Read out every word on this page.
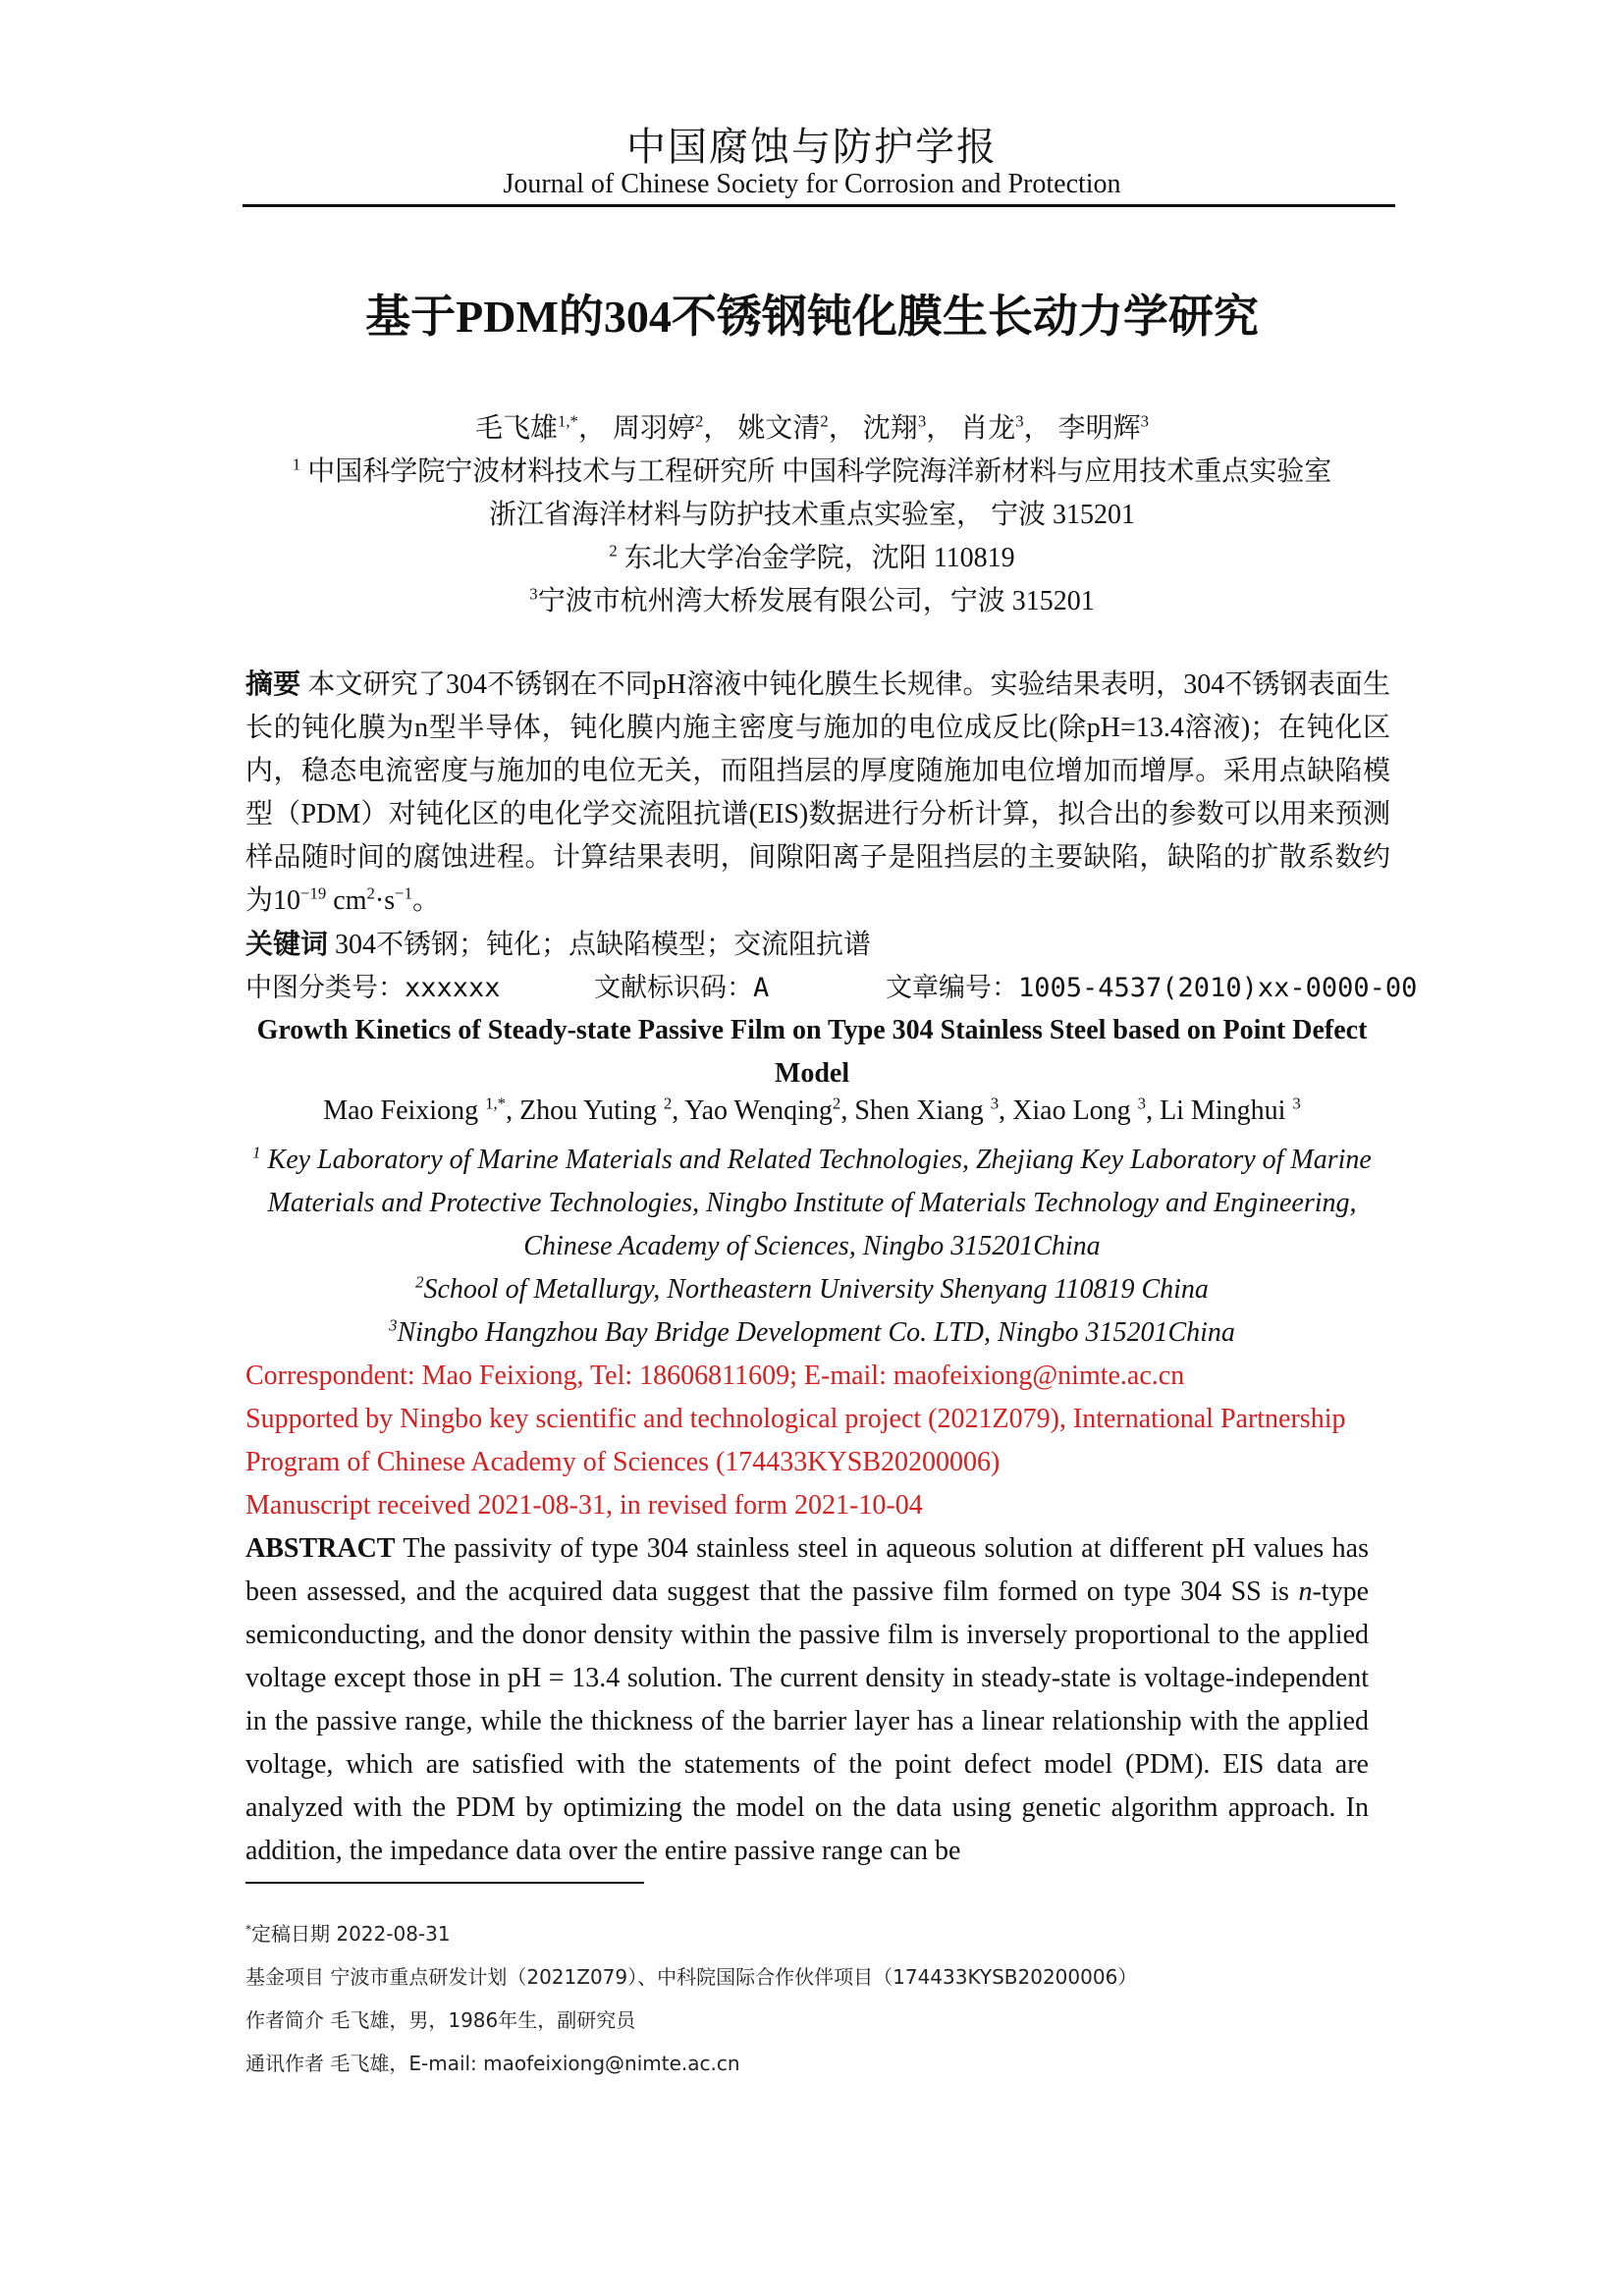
中国腐蚀与防护学报
Journal of Chinese Society for Corrosion and Protection
基于PDM的304不锈钢钝化膜生长动力学研究
毛飞雄$^{1,*}$， 周羽婷$^2$， 姚文清$^2$， 沈翔$^3$， 肖龙$^3$， 李明辉$^3$
$^1$ 中国科学院宁波材料技术与工程研究所 中国科学院海洋新材料与应用技术重点实验室
浙江省海洋材料与防护技术重点实验室， 宁波 315201
$^2$ 东北大学冶金学院，沈阳 110819
$^3$宁波市杭州湾大桥发展有限公司，宁波 315201
摘要 本文研究了304不锈钢在不同pH溶液中钝化膜生长规律。实验结果表明，304不锈钢表面生长的钝化膜为n型半导体，钝化膜内施主密度与施加的电位成反比(除pH=13.4溶液)；在钝化区内，稳态电流密度与施加的电位无关，而阻挡层的厚度随施加电位增加而增厚。采用点缺陷模型（PDM）对钝化区的电化学交流阻抗谱(EIS)数据进行分析计算，拟合出的参数可以用来预测样品随时间的腐蚀进程。计算结果表明，间隙阳离子是阻挡层的主要缺陷，缺陷的扩散系数约为$10^{-19}$ $cm^2\cdot s^{-1}$。
关键词 304不锈钢；钝化；点缺陷模型；交流阻抗谱
中图分类号：xxxxxx	文献标识码：A	文章编号：1005-4537(2010)xx-0000-00
Growth Kinetics of Steady-state Passive Film on Type 304 Stainless Steel based on Point Defect Model
Mao Feixiong $^{1,*}$, Zhou Yuting $^2$, Yao Wenqing$^2$, Shen Xiang $^3$, Xiao Long $^3$, Li Minghui $^3$
$^1$ Key Laboratory of Marine Materials and Related Technologies, Zhejiang Key Laboratory of Marine Materials and Protective Technologies, Ningbo Institute of Materials Technology and Engineering, Chinese Academy of Sciences, Ningbo 315201China
$^2$School of Metallurgy, Northeastern University Shenyang 110819 China
$^3$Ningbo Hangzhou Bay Bridge Development Co. LTD, Ningbo 315201China
Correspondent: Mao Feixiong, Tel: 18606811609; E-mail: maofeixiong@nimte.ac.cn
Supported by Ningbo key scientific and technological project (2021Z079), International Partnership Program of Chinese Academy of Sciences (174433KYSB20200006)
Manuscript received 2021-08-31, in revised form 2021-10-04
ABSTRACT The passivity of type 304 stainless steel in aqueous solution at different pH values has been assessed, and the acquired data suggest that the passive film formed on type 304 SS is n-type semiconducting, and the donor density within the passive film is inversely proportional to the applied voltage except those in pH = 13.4 solution. The current density in steady-state is voltage-independent in the passive range, while the thickness of the barrier layer has a linear relationship with the applied voltage, which are satisfied with the statements of the point defect model (PDM). EIS data are analyzed with the PDM by optimizing the model on the data using genetic algorithm approach. In addition, the impedance data over the entire passive range can be
*定稿日期 2022-08-31
基金项目 宁波市重点研发计划（2021Z079）、中科院国际合作伙伴项目（174433KYSB20200006）
作者简介 毛飞雄，男，1986年生，副研究员
通讯作者 毛飞雄，E-mail: maofeixiong@nimte.ac.cn
